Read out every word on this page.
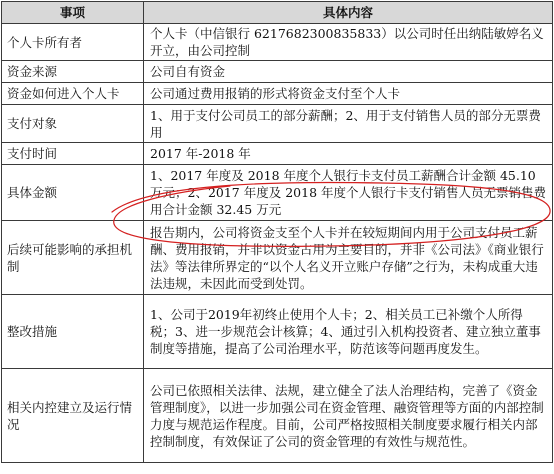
事项	具体内容
个人卡所有者	个人卡（中信银行 6217682300835833）以公司时任出纳陆敏婷名义开立，由公司控制
资金来源	公司自有资金
资金如何进入个人卡	公司通过费用报销的形式将资金支付至个人卡
支付对象	1、用于支付公司员工的部分薪酬；2、用于支付销售人员的部分无票费用
支付时间	2017 年-2018 年
具体金额	1、2017 年度及 2018 年度个人银行卡支付员工薪酬合计金额 45.10 万元；2、2017 年度及 2018 年度个人银行卡支付销售人员无票销售费用合计金额 32.45 万元
后续可能影响的承担机制	报告期内，公司将资金支至个人卡并在较短期间内用于公司支付员工薪酬、费用报销，并非以资金占用为主要目的，并非《公司法》《商业银行法》等法律所界定的“以个人名义开立账户存储”之行为，未构成重大违法违规，未因此而受到处罚。
整改措施	1、公司于2019年初终止使用个人卡；2、相关员工已补缴个人所得税；3、进一步规范会计核算；4、通过引入机构投资者、建立独立董事制度等措施，提高了公司治理水平，防范该等问题再度发生。
相关内控建立及运行情况	公司已依照相关法律、法规，建立健全了法人治理结构，完善了《资金管理制度》，以进一步加强公司在资金管理、融资管理等方面的内部控制力度与规范运作程度。目前，公司严格按照相关制度要求履行相关内部控制制度，有效保证了公司的资金管理的有效性与规范性。
